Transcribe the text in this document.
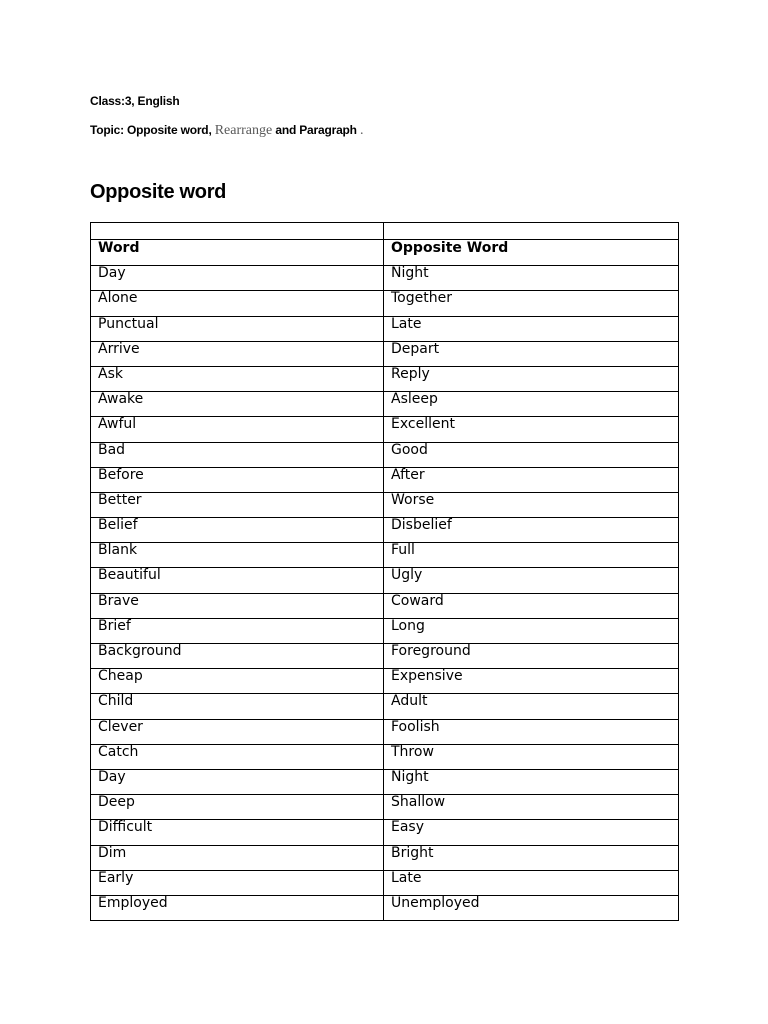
Class:3, English
Topic: Opposite word, Rearrange and Paragraph .
Opposite word

Word	Opposite Word
Day	Night
Alone	Together
Punctual	Late
Arrive	Depart
Ask	Reply
Awake	Asleep
Awful	Excellent
Bad	Good
Before	After
Better	Worse
Belief	Disbelief
Blank	Full
Beautiful	Ugly
Brave	Coward
Brief	Long
Background	Foreground
Cheap	Expensive
Child	Adult
Clever	Foolish
Catch	Throw
Day	Night
Deep	Shallow
Difficult	Easy
Dim	Bright
Early	Late
Employed	Unemployed
